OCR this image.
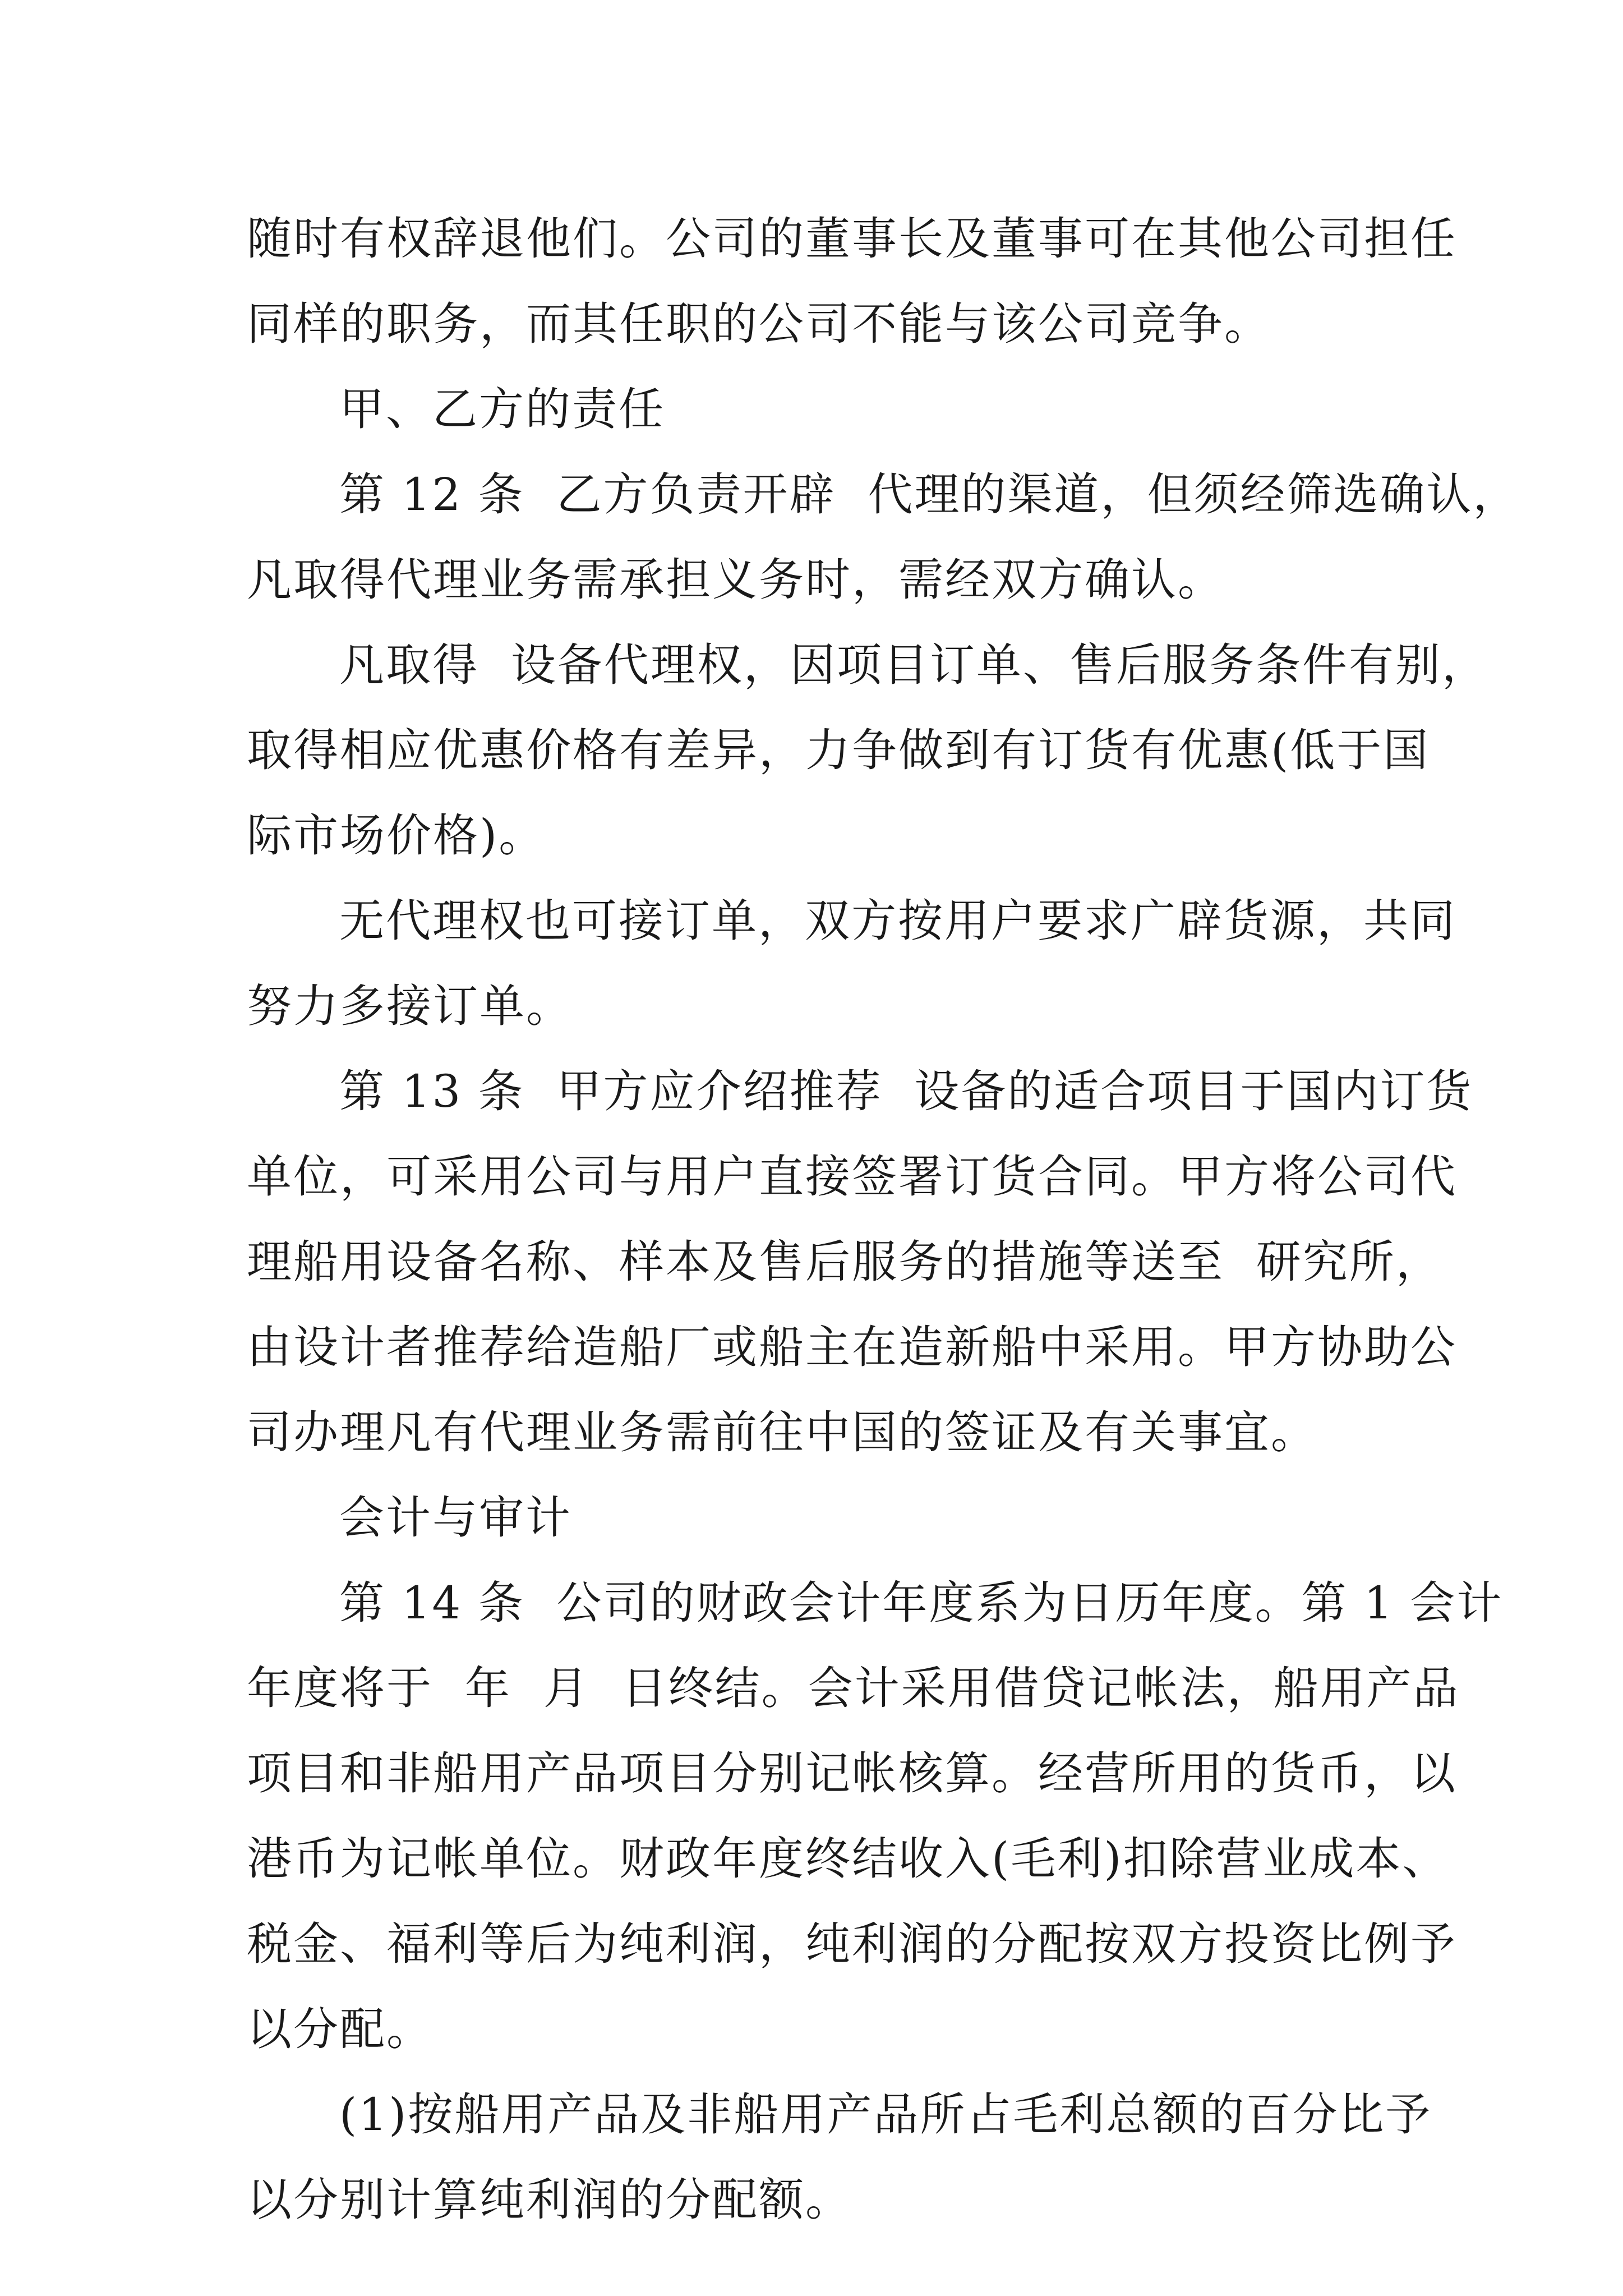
随时有权辞退他们。公司的董事长及董事可在其他公司担任
同样的职务，而其任职的公司不能与该公司竞争。
甲、乙方的责任
第 12 条  乙方负责开辟  代理的渠道，但须经筛选确认，
凡取得代理业务需承担义务时，需经双方确认。
凡取得  设备代理权，因项目订单、售后服务条件有别，
取得相应优惠价格有差异，力争做到有订货有优惠(低于国
际市场价格)。
无代理权也可接订单，双方按用户要求广辟货源，共同
努力多接订单。
第 13 条  甲方应介绍推荐  设备的适合项目于国内订货
单位，可采用公司与用户直接签署订货合同。甲方将公司代
理船用设备名称、样本及售后服务的措施等送至  研究所，
由设计者推荐给造船厂或船主在造新船中采用。甲方协助公
司办理凡有代理业务需前往中国的签证及有关事宜。
会计与审计
第 14 条  公司的财政会计年度系为日历年度。第 1 会计
年度将于  年  月  日终结。会计采用借贷记帐法，船用产品
项目和非船用产品项目分别记帐核算。经营所用的货币，以
港币为记帐单位。财政年度终结收入(毛利)扣除营业成本、
税金、福利等后为纯利润，纯利润的分配按双方投资比例予
以分配。
(1)按船用产品及非船用产品所占毛利总额的百分比予
以分别计算纯利润的分配额。
